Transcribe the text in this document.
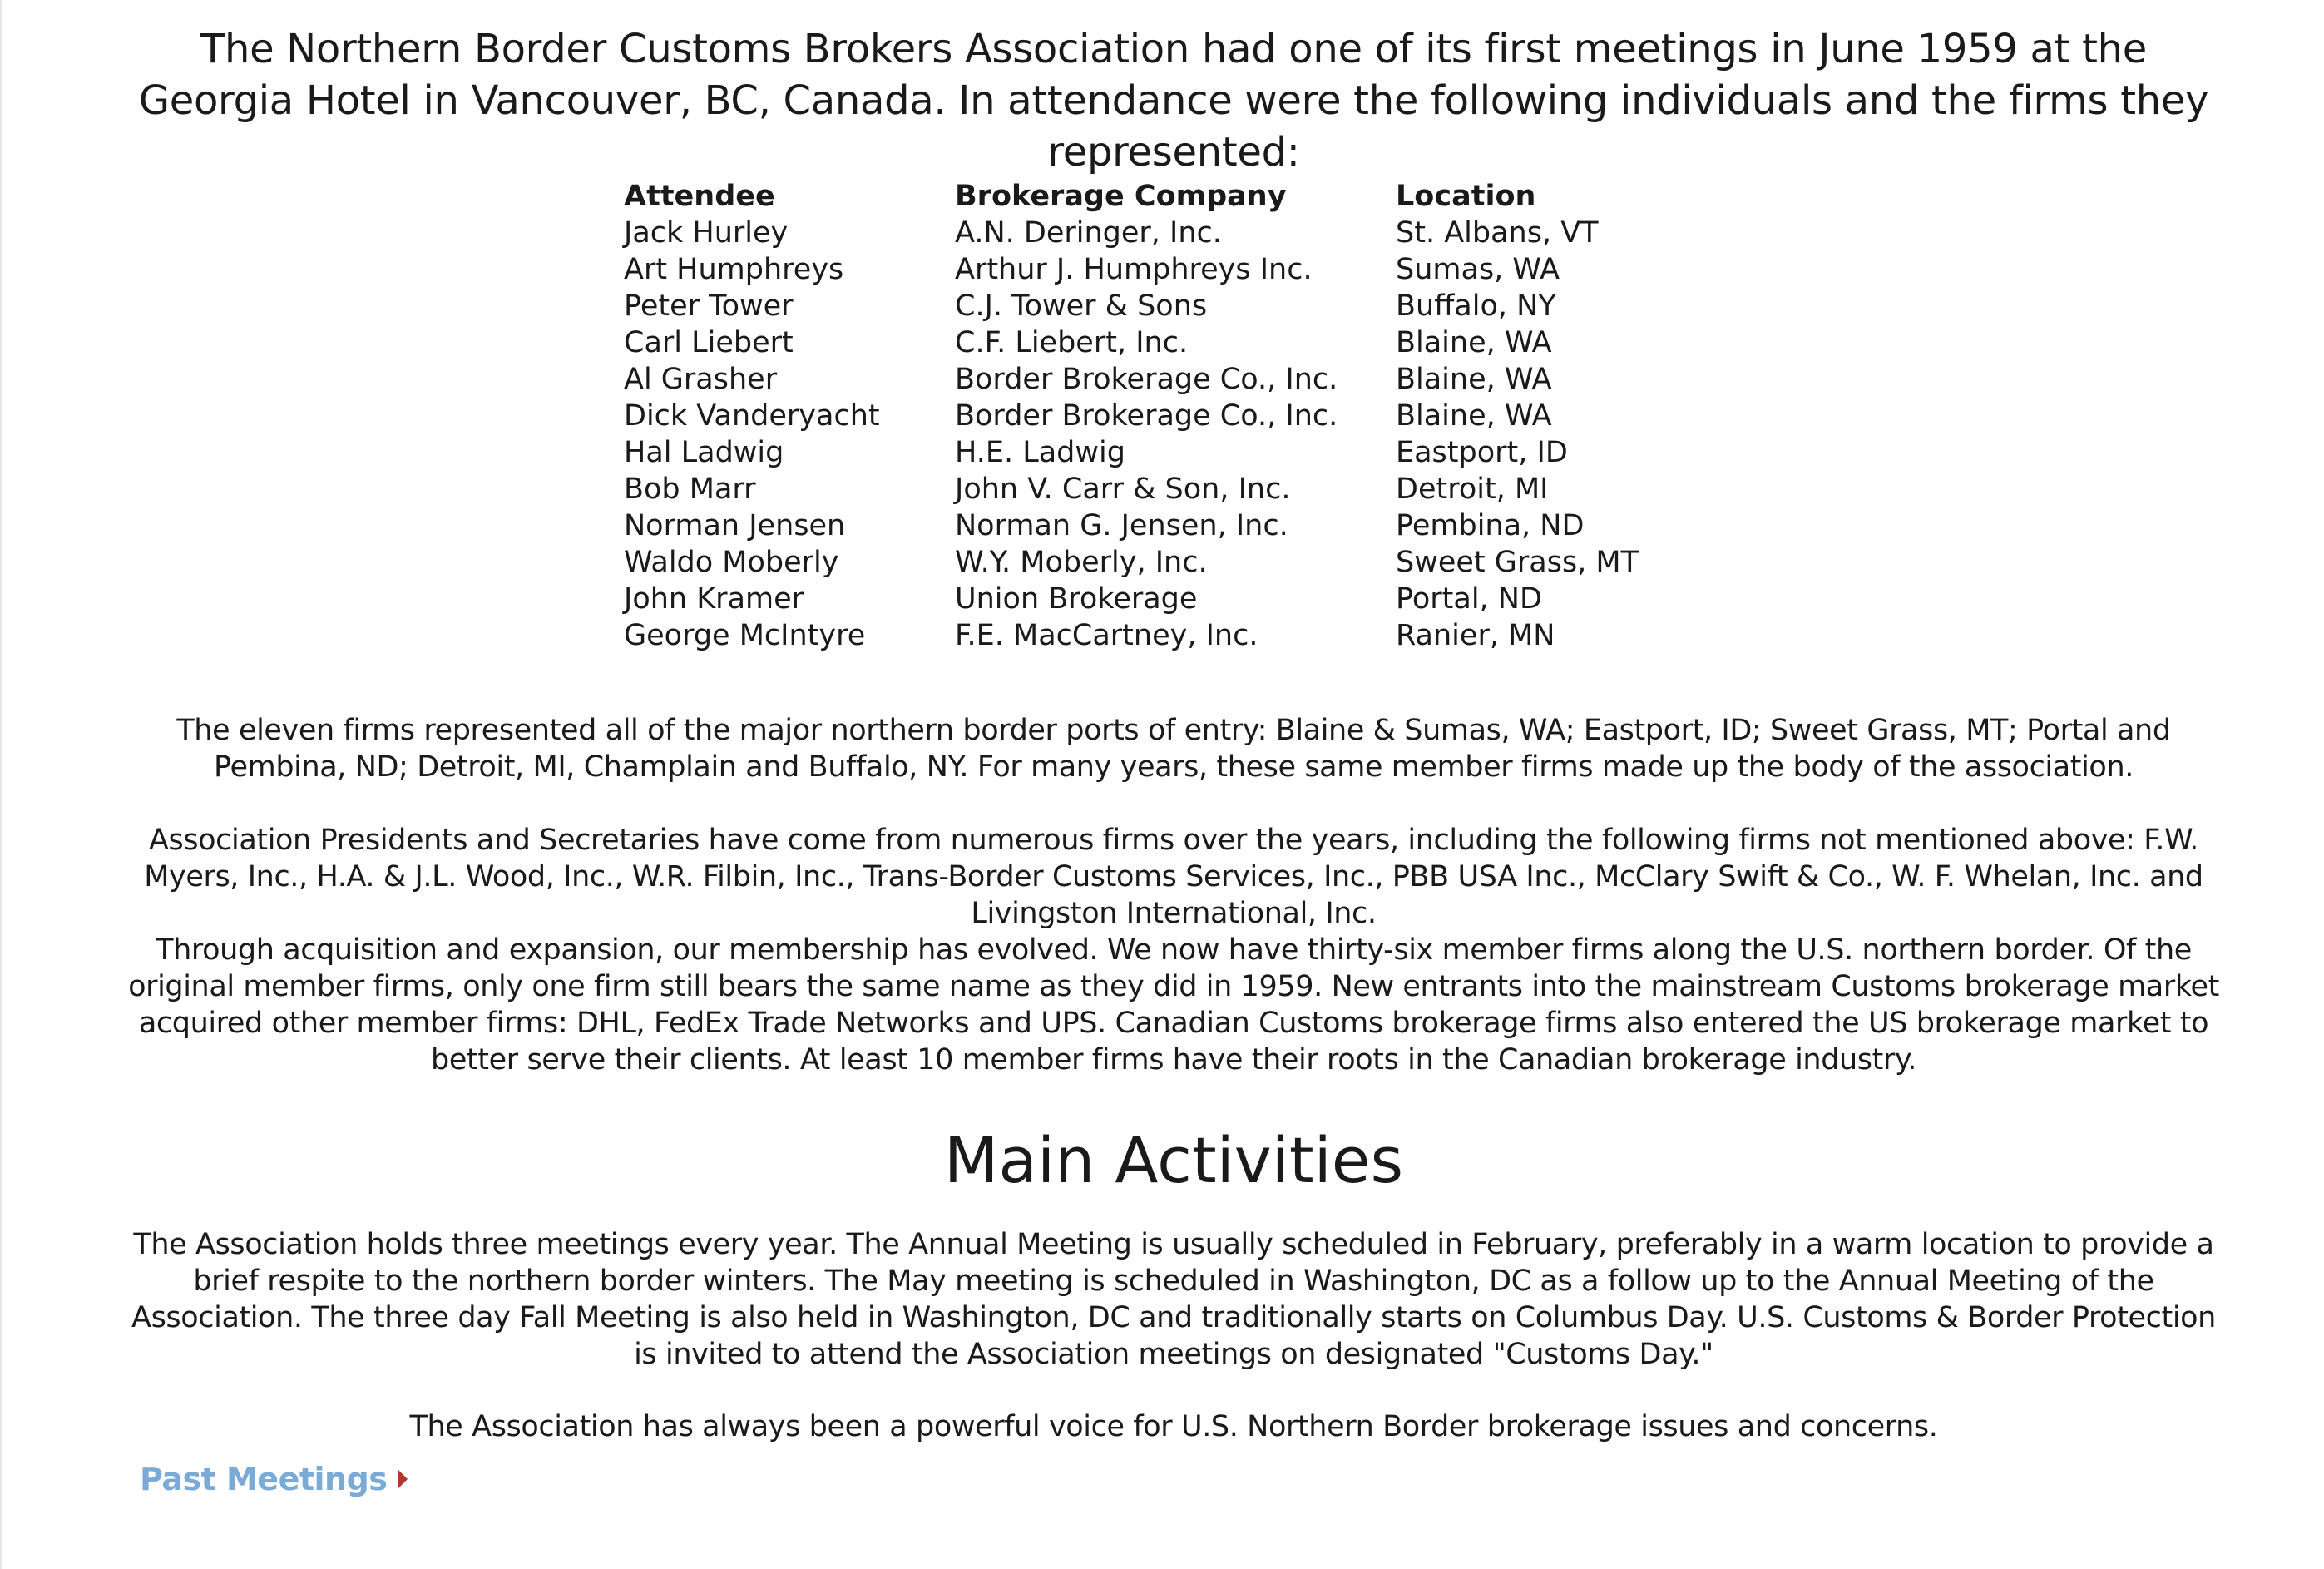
The Northern Border Customs Brokers Association had one of its first meetings in June 1959 at the Georgia Hotel in Vancouver, BC, Canada. In attendance were the following individuals and the firms they represented:

Attendee	Brokerage Company	Location
Jack Hurley	A.N. Deringer, Inc.	St. Albans, VT
Art Humphreys	Arthur J. Humphreys Inc.	Sumas, WA
Peter Tower	C.J. Tower & Sons	Buffalo, NY
Carl Liebert	C.F. Liebert, Inc.	Blaine, WA
Al Grasher	Border Brokerage Co., Inc.	Blaine, WA
Dick Vanderyacht	Border Brokerage Co., Inc.	Blaine, WA
Hal Ladwig	H.E. Ladwig	Eastport, ID
Bob Marr	John V. Carr & Son, Inc.	Detroit, MI
Norman Jensen	Norman G. Jensen, Inc.	Pembina, ND
Waldo Moberly	W.Y. Moberly, Inc.	Sweet Grass, MT
John Kramer	Union Brokerage	Portal, ND
George McIntyre	F.E. MacCartney, Inc.	Ranier, MN

The eleven firms represented all of the major northern border ports of entry: Blaine & Sumas, WA; Eastport, ID; Sweet Grass, MT; Portal and Pembina, ND; Detroit, MI, Champlain and Buffalo, NY. For many years, these same member firms made up the body of the association.

Association Presidents and Secretaries have come from numerous firms over the years, including the following firms not mentioned above: F.W. Myers, Inc., H.A. & J.L. Wood, Inc., W.R. Filbin, Inc., Trans-Border Customs Services, Inc., PBB USA Inc., McClary Swift & Co., W. F. Whelan, Inc. and Livingston International, Inc.

Through acquisition and expansion, our membership has evolved. We now have thirty-six member firms along the U.S. northern border. Of the original member firms, only one firm still bears the same name as they did in 1959. New entrants into the mainstream Customs brokerage market acquired other member firms: DHL, FedEx Trade Networks and UPS. Canadian Customs brokerage firms also entered the US brokerage market to better serve their clients. At least 10 member firms have their roots in the Canadian brokerage industry.

Main Activities

The Association holds three meetings every year. The Annual Meeting is usually scheduled in February, preferably in a warm location to provide a brief respite to the northern border winters. The May meeting is scheduled in Washington, DC as a follow up to the Annual Meeting of the Association. The three day Fall Meeting is also held in Washington, DC and traditionally starts on Columbus Day. U.S. Customs & Border Protection is invited to attend the Association meetings on designated "Customs Day."

The Association has always been a powerful voice for U.S. Northern Border brokerage issues and concerns.

Past Meetings
